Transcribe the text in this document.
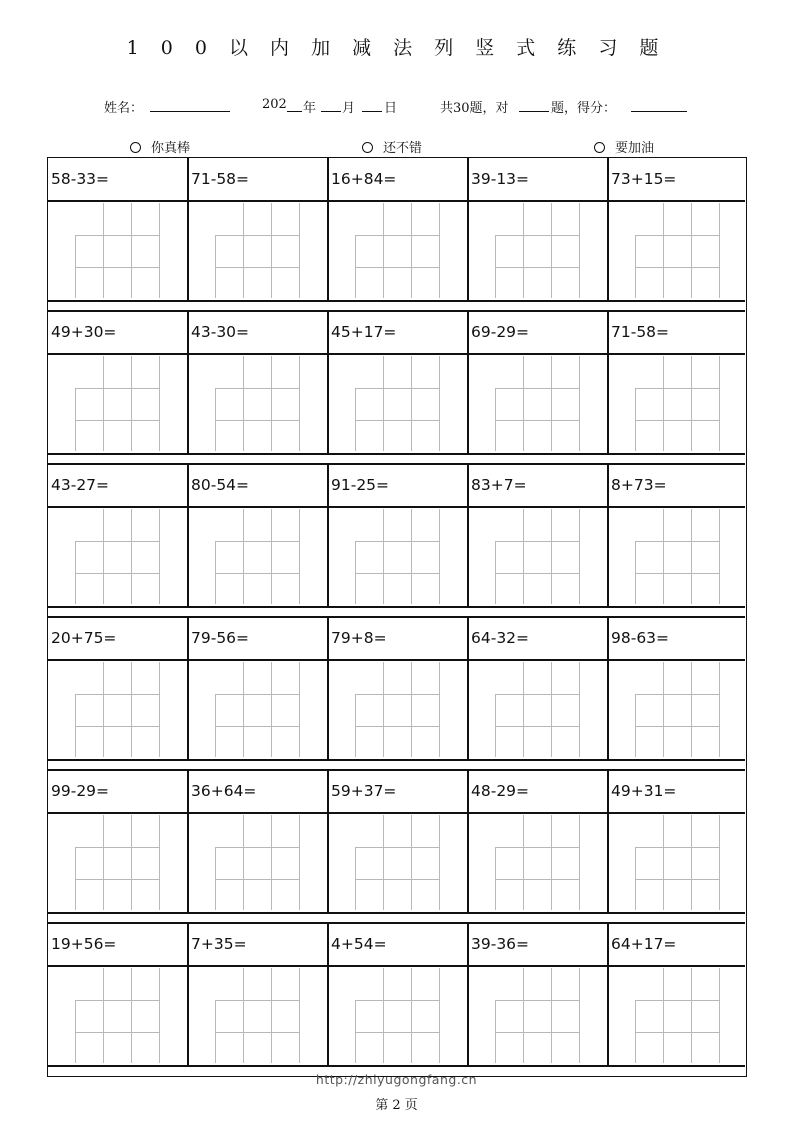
1 0 0 以 内 加 减 法 列 竖 式 练 习 题
姓名：	202 年 月 日	共30题，对	题，得分：
你真棒	还不错	要加油
58-33=	71-58=	16+84=	39-13=	73+15=
49+30=	43-30=	45+17=	69-29=	71-58=
43-27=	80-54=	91-25=	83+7=	8+73=
20+75=	79-56=	79+8=	64-32=	98-63=
99-29=	36+64=	59+37=	48-29=	49+31=
19+56=	7+35=	4+54=	39-36=	64+17=
http://zhiyugongfang.cn
第 2 页
